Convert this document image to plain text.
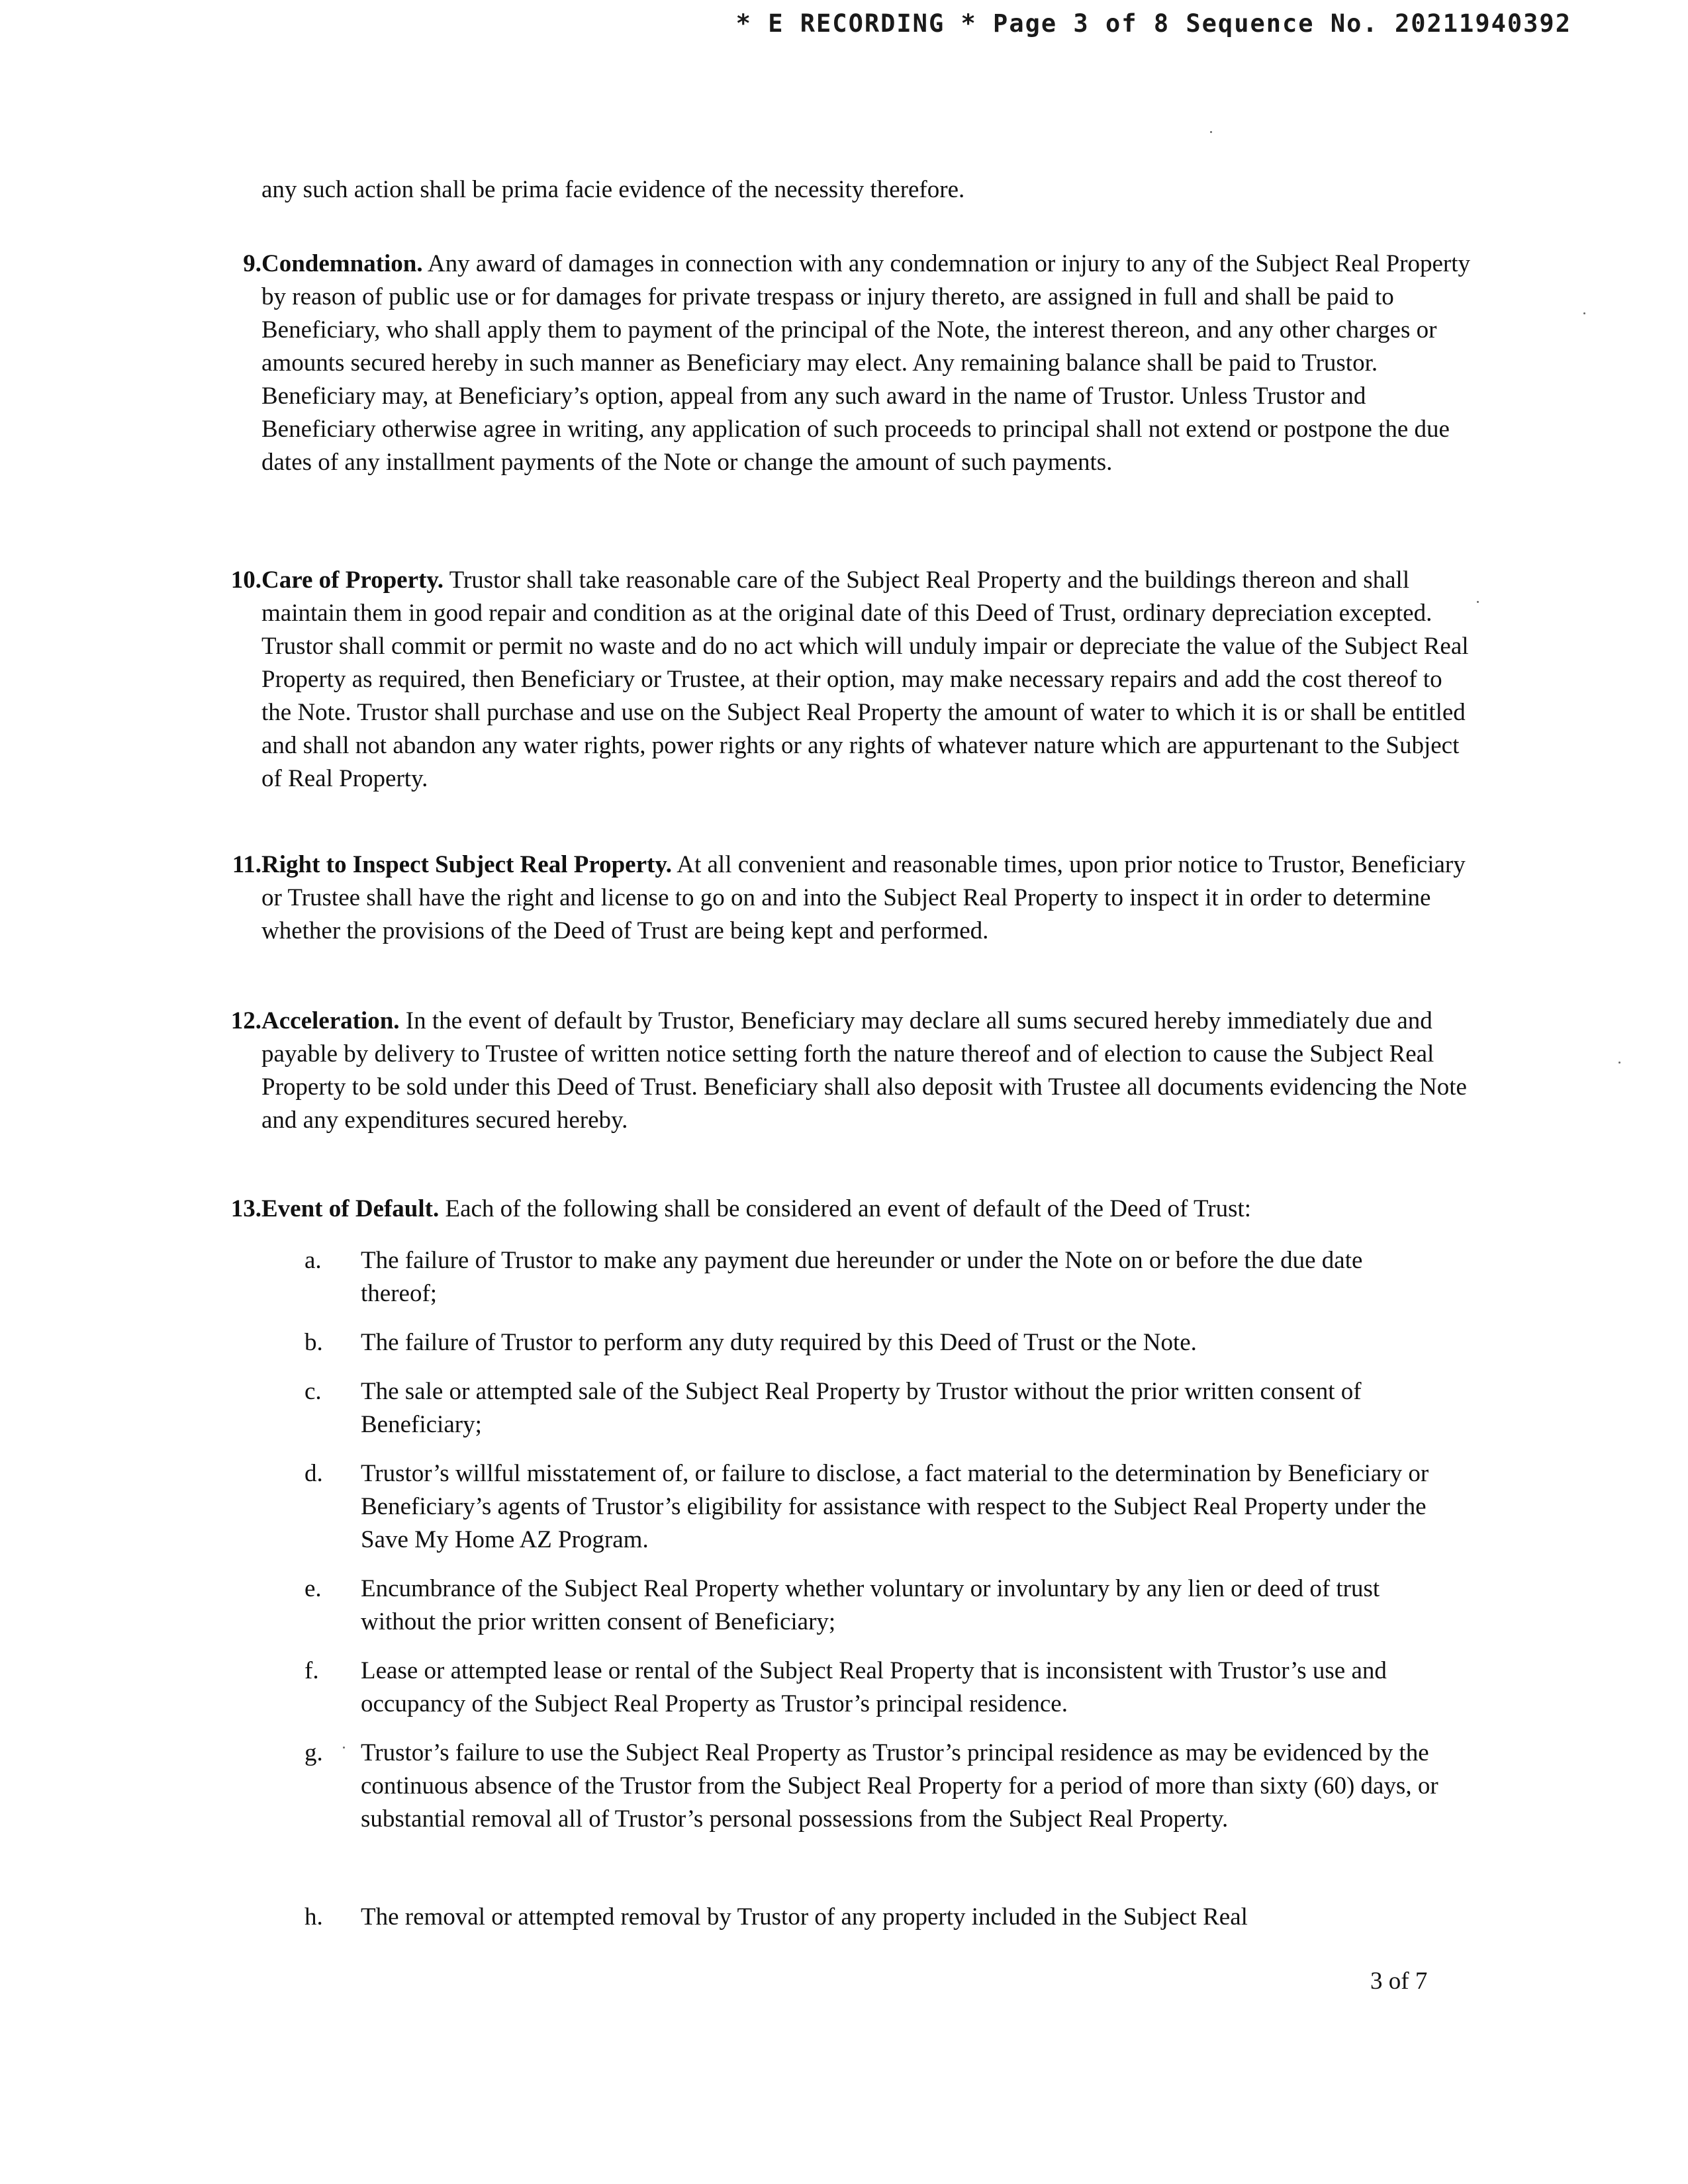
* E RECORDING * Page 3 of 8 Sequence No. 20211940392

any such action shall be prima facie evidence of the necessity therefore.

9. Condemnation. Any award of damages in connection with any condemnation or injury to any of the Subject Real Property by reason of public use or for damages for private trespass or injury thereto, are assigned in full and shall be paid to Beneficiary, who shall apply them to payment of the principal of the Note, the interest thereon, and any other charges or amounts secured hereby in such manner as Beneficiary may elect. Any remaining balance shall be paid to Trustor. Beneficiary may, at Beneficiary’s option, appeal from any such award in the name of Trustor. Unless Trustor and Beneficiary otherwise agree in writing, any application of such proceeds to principal shall not extend or postpone the due dates of any installment payments of the Note or change the amount of such payments.
10. Care of Property. Trustor shall take reasonable care of the Subject Real Property and the buildings thereon and shall maintain them in good repair and condition as at the original date of this Deed of Trust, ordinary depreciation excepted. Trustor shall commit or permit no waste and do no act which will unduly impair or depreciate the value of the Subject Real Property as required, then Beneficiary or Trustee, at their option, may make necessary repairs and add the cost thereof to the Note. Trustor shall purchase and use on the Subject Real Property the amount of water to which it is or shall be entitled and shall not abandon any water rights, power rights or any rights of whatever nature which are appurtenant to the Subject of Real Property.
11. Right to Inspect Subject Real Property. At all convenient and reasonable times, upon prior notice to Trustor, Beneficiary or Trustee shall have the right and license to go on and into the Subject Real Property to inspect it in order to determine whether the provisions of the Deed of Trust are being kept and performed.
12. Acceleration. In the event of default by Trustor, Beneficiary may declare all sums secured hereby immediately due and payable by delivery to Trustee of written notice setting forth the nature thereof and of election to cause the Subject Real Property to be sold under this Deed of Trust. Beneficiary shall also deposit with Trustee all documents evidencing the Note and any expenditures secured hereby.
13. Event of Default. Each of the following shall be considered an event of default of the Deed of Trust:
a.	The failure of Trustor to make any payment due hereunder or under the Note on or before the due date thereof;
b.	The failure of Trustor to perform any duty required by this Deed of Trust or the Note.
c.	The sale or attempted sale of the Subject Real Property by Trustor without the prior written consent of Beneficiary;
d.	Trustor’s willful misstatement of, or failure to disclose, a fact material to the determination by Beneficiary or Beneficiary’s agents of Trustor’s eligibility for assistance with respect to the Subject Real Property under the Save My Home AZ Program.
e.	Encumbrance of the Subject Real Property whether voluntary or involuntary by any lien or deed of trust without the prior written consent of Beneficiary;
f.	Lease or attempted lease or rental of the Subject Real Property that is inconsistent with Trustor’s use and occupancy of the Subject Real Property as Trustor’s principal residence.
g.	Trustor’s failure to use the Subject Real Property as Trustor’s principal residence as may be evidenced by the continuous absence of the Trustor from the Subject Real Property for a period of more than sixty (60) days, or substantial removal all of Trustor’s personal possessions from the Subject Real Property.
h.	The removal or attempted removal by Trustor of any property included in the Subject Real
3 of 7
